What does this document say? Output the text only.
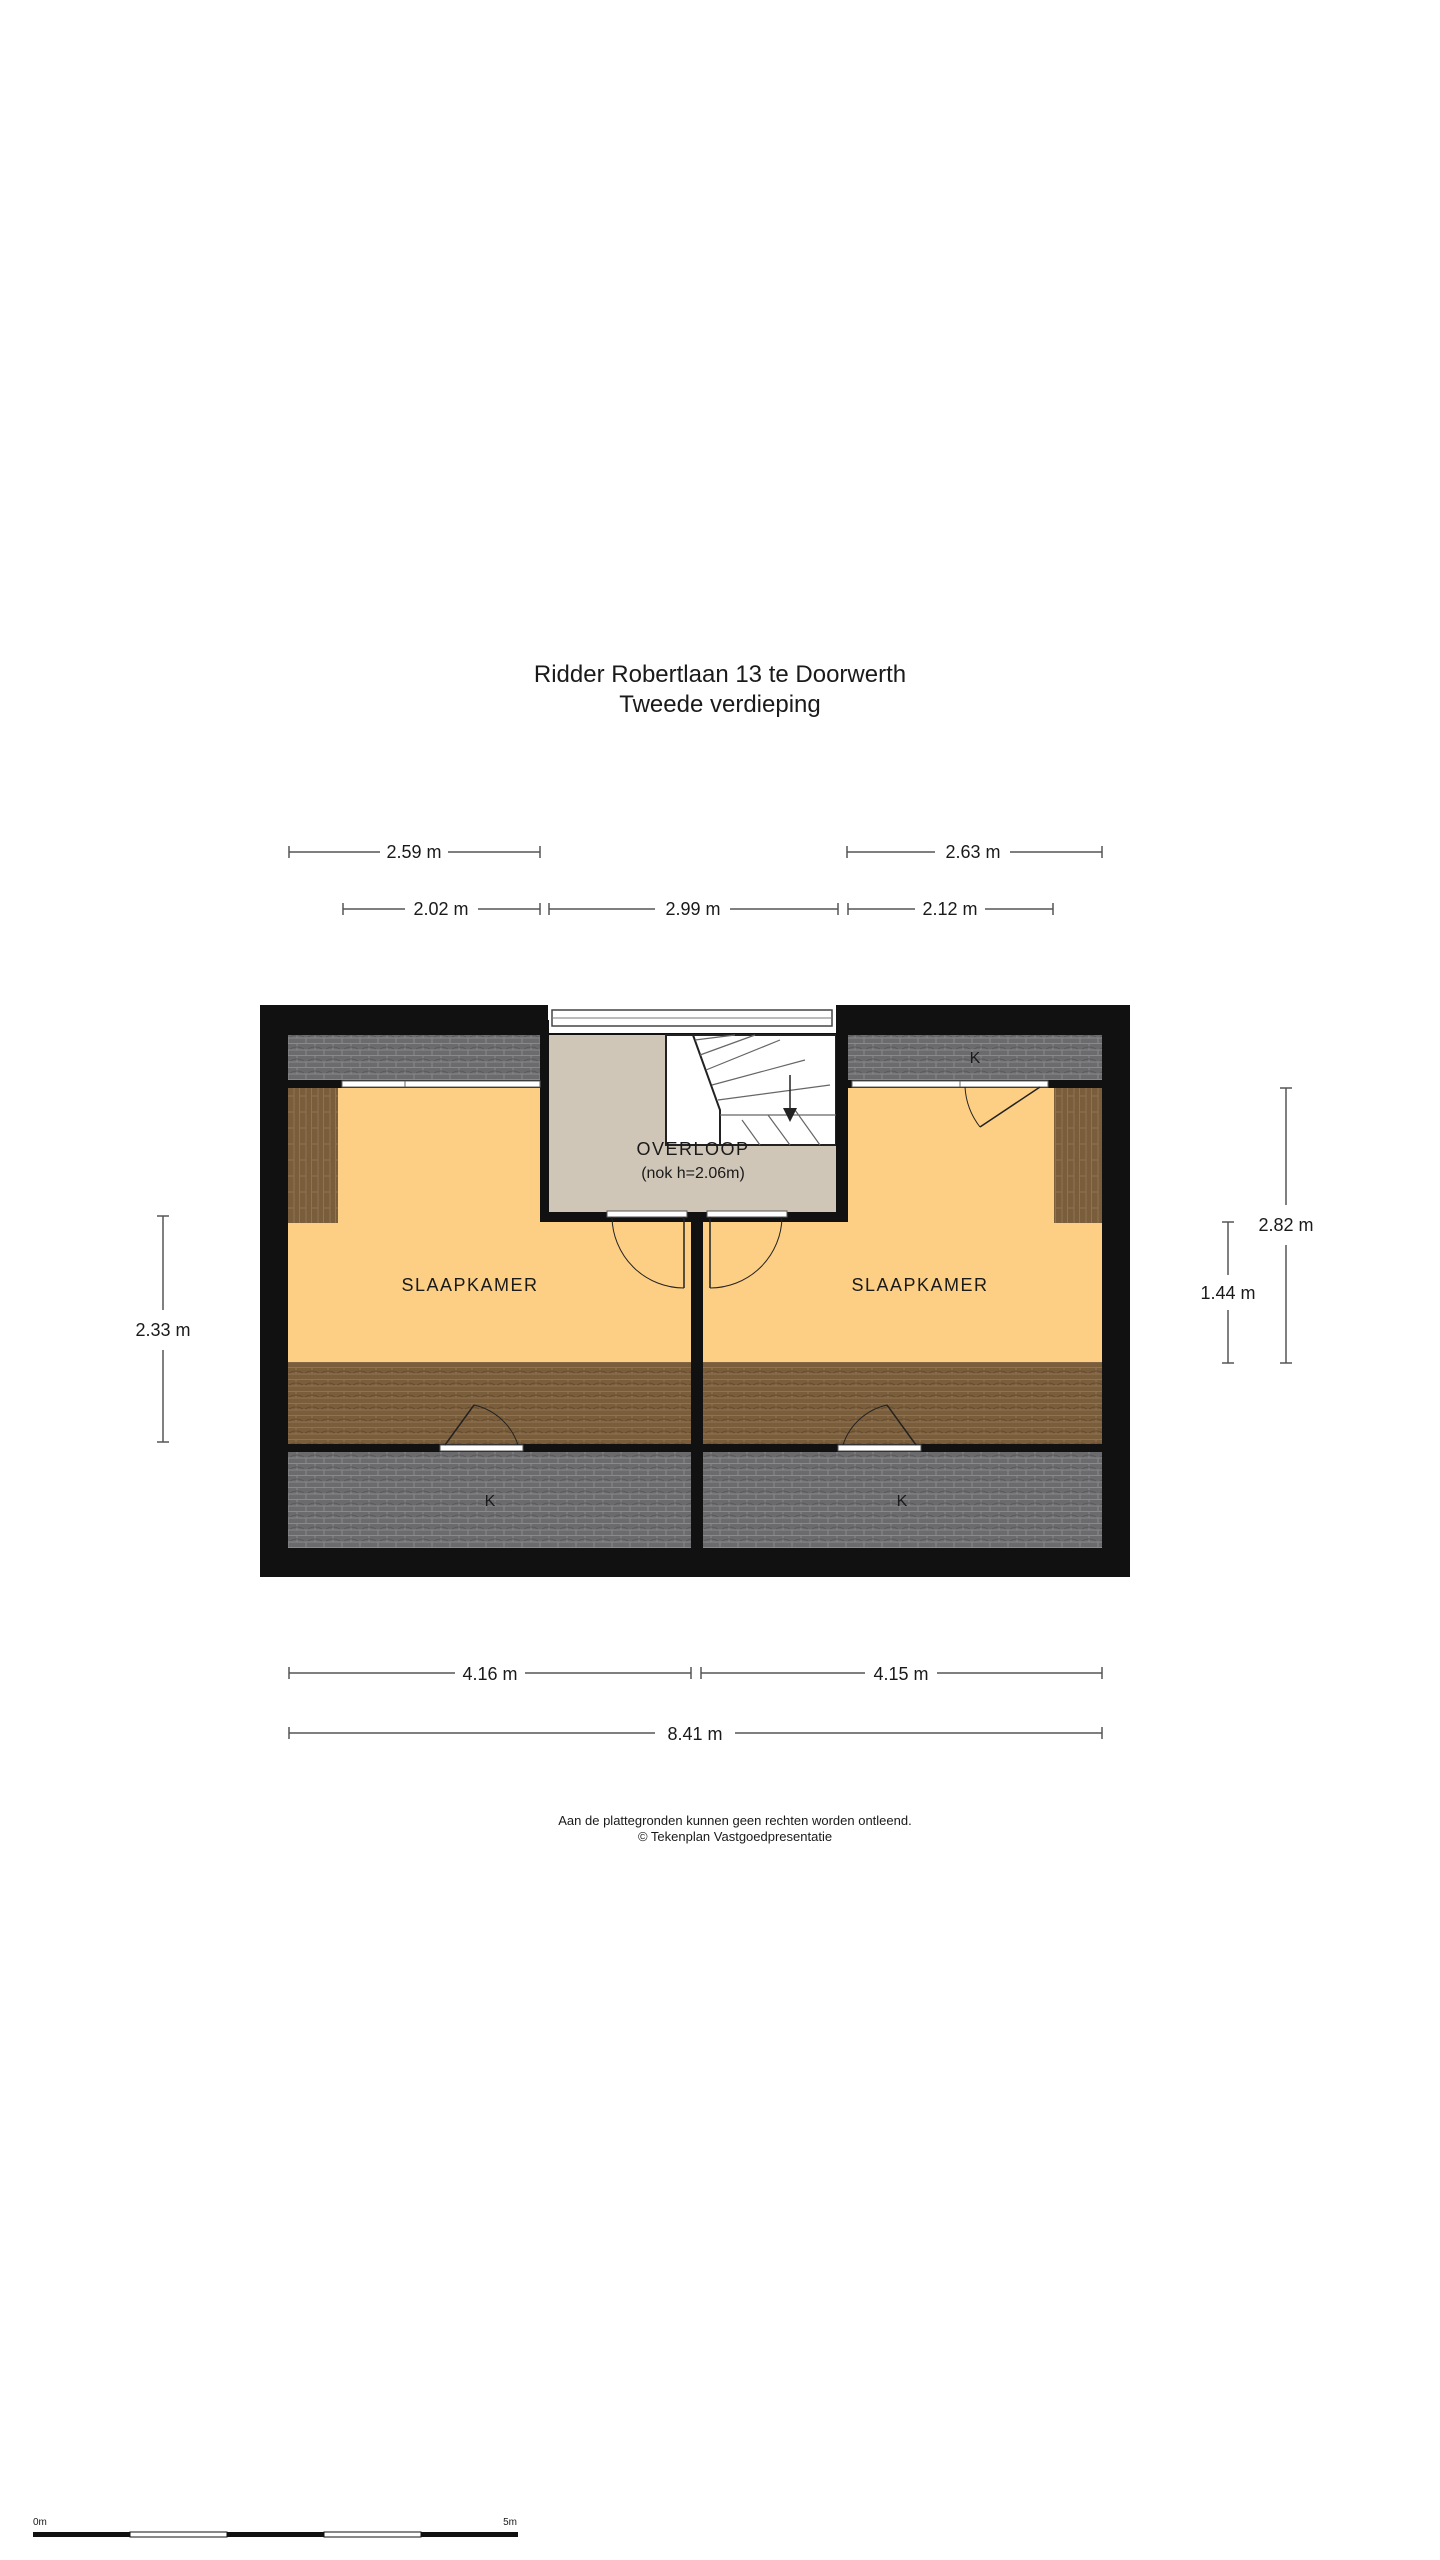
Ridder Robertlaan 13 te Doorwerth
Tweede verdieping
SLAAPKAMER	SLAAPKAMER
OVERLOOP
(nok h=2.06m)
K
K	K
2.59 m	2.63 m
2.02 m	2.99 m	2.12 m
2.33 m
2.82 m
1.44 m
4.16 m	4.15 m
8.41 m
0m	5m
Aan de plattegronden kunnen geen rechten worden ontleend.
© Tekenplan Vastgoedpresentatie
